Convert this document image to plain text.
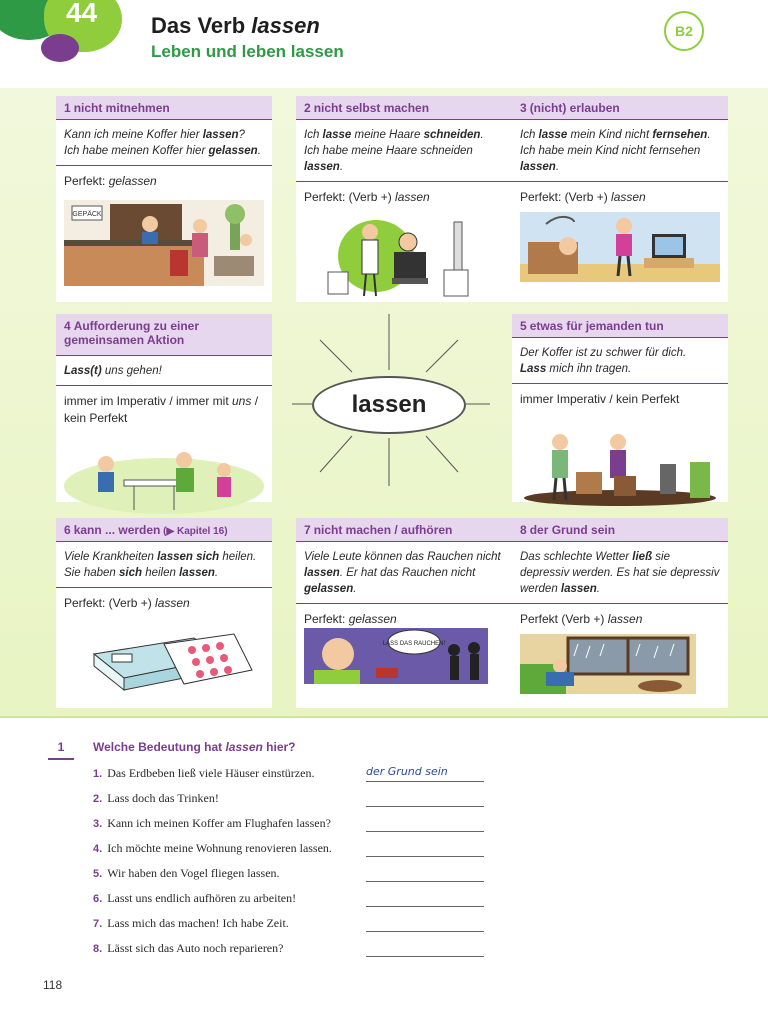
44 Das Verb lassen
Leben und leben lassen
B2
lassen
1 nicht mitnehmen
Kann ich meine Koffer hier lassen?
Ich habe meinen Koffer hier gelassen.
Perfekt: gelassen
GEPÄCK
2 nicht selbst machen
Ich lasse meine Haare schneiden.
Ich habe meine Haare schneiden lassen.
Perfekt: (Verb +) lassen
3 (nicht) erlauben
Ich lasse mein Kind nicht fernsehen.
Ich habe mein Kind nicht fernsehen lassen.
Perfekt: (Verb +) lassen
4 Aufforderung zu einer gemeinsamen Aktion
Lass(t) uns gehen!
immer im Imperativ / immer mit uns / kein Perfekt
5 etwas für jemanden tun
Der Koffer ist zu schwer für dich.
Lass mich ihn tragen.
immer Imperativ / kein Perfekt
6 kann ... werden (▶ Kapitel 16)
Viele Krankheiten lassen sich heilen.
Sie haben sich heilen lassen.
Perfekt: (Verb +) lassen
7 nicht machen / aufhören
Viele Leute können das Rauchen nicht lassen. Er hat das Rauchen nicht gelassen.
Perfekt: gelassen
LASS DAS RAUCHEN!
8 der Grund sein
Das schlechte Wetter ließ sie depressiv werden. Es hat sie depressiv werden lassen.
Perfekt (Verb +) lassen
1	Welche Bedeutung hat lassen hier?
der Grund sein
1. Das Erdbeben ließ viele Häuser einstürzen.
2. Lass doch das Trinken!
3. Kann ich meinen Koffer am Flughafen lassen?
4. Ich möchte meine Wohnung renovieren lassen.
5. Wir haben den Vogel fliegen lassen.
6. Lasst uns endlich aufhören zu arbeiten!
7. Lass mich das machen! Ich habe Zeit.
8. Lässt sich das Auto noch reparieren?
118
